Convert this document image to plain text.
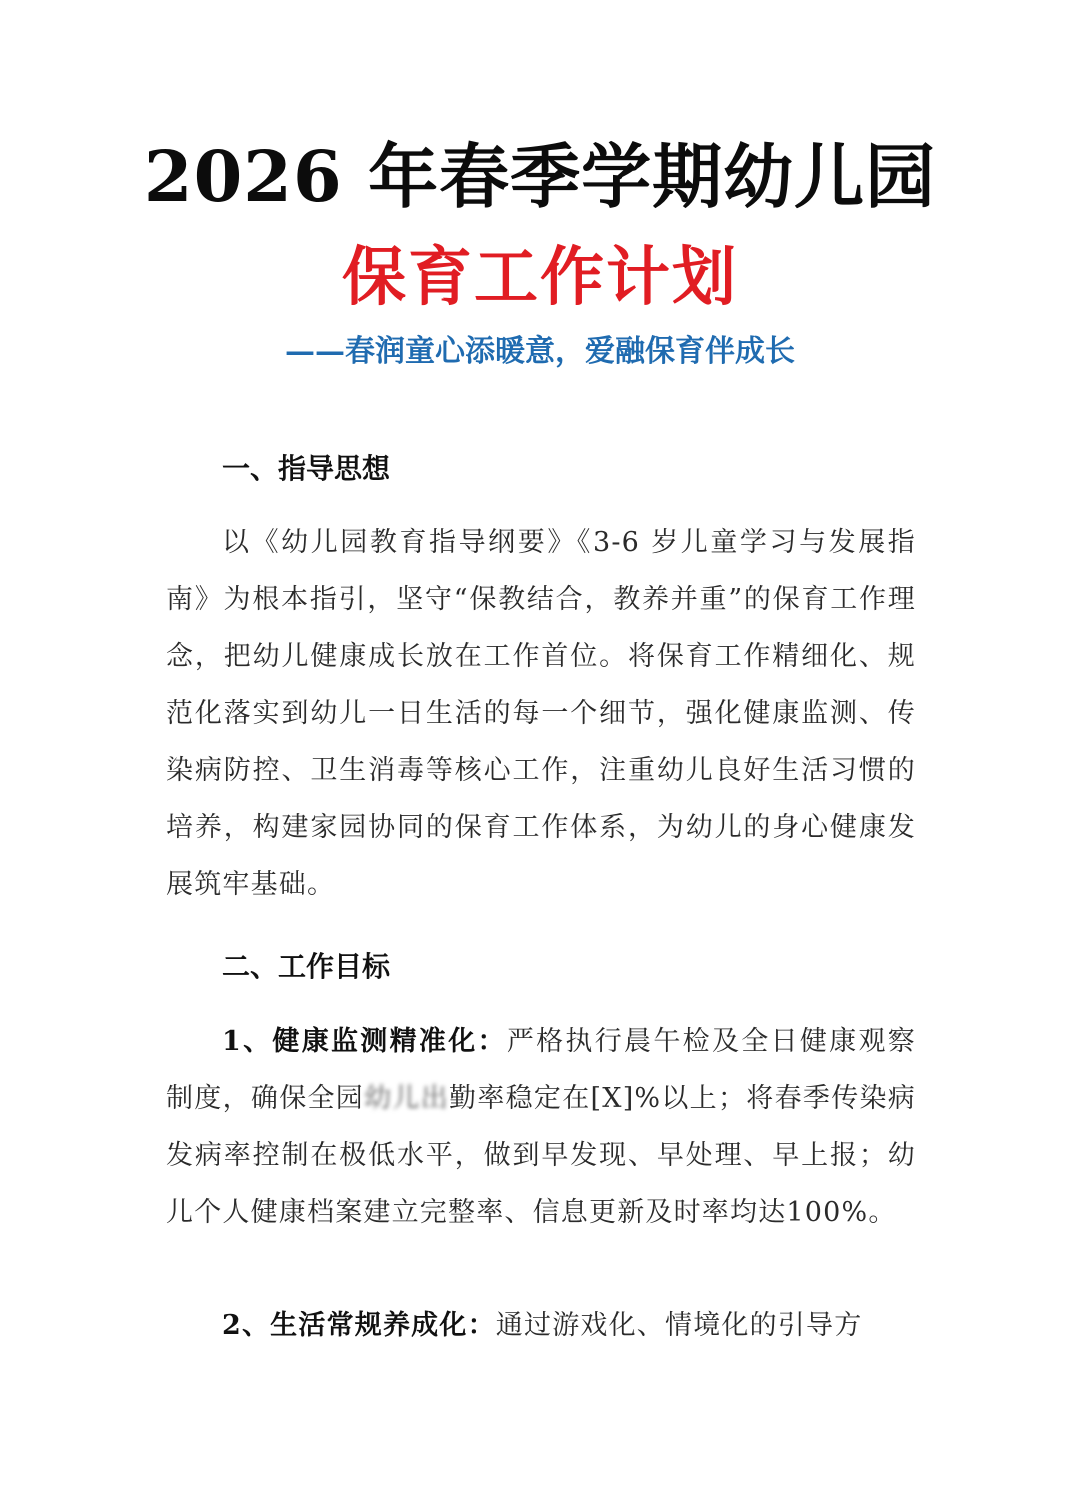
2026 年春季学期幼儿园
保育工作计划
——春润童心添暖意，爱融保育伴成长
一、指导思想
以《幼儿园教育指导纲要》《3-6 岁儿童学习与发展指南》为根本指引，坚守“保教结合，教养并重”的保育工作理念，把幼儿健康成长放在工作首位。将保育工作精细化、规范化落实到幼儿一日生活的每一个细节，强化健康监测、传染病防控、卫生消毒等核心工作，注重幼儿良好生活习惯的培养，构建家园协同的保育工作体系，为幼儿的身心健康发展筑牢基础。
二、工作目标
1、健康监测精准化：严格执行晨午检及全日健康观察制度，确保全园幼儿出勤率稳定在[X]%以上；将春季传染病发病率控制在极低水平，做到早发现、早处理、早上报；幼儿个人健康档案建立完整率、信息更新及时率均达100%。
2、生活常规养成化：通过游戏化、情境化的引导方
